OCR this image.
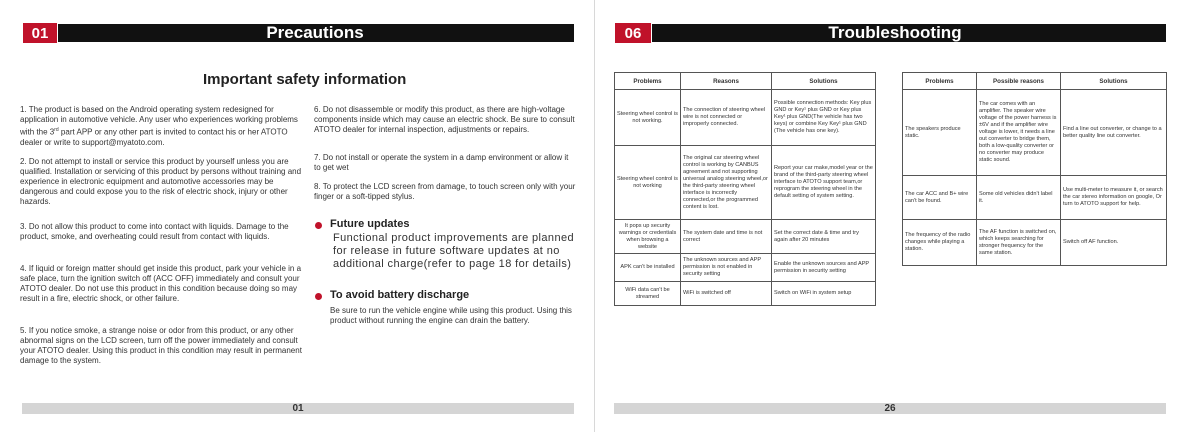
01	Precautions
Important safety information
1. The product is based on the Android operating system redesigned for application in automotive vehicle. Any user who experiences working problems with the 3rd part APP or any other part is invited to contact his or her ATOTO dealer or write to support@myatoto.com.
2. Do not attempt to install or service this product by yourself unless you are qualified. Installation or servicing of this product by persons without training and experience in electronic equipment and automotive accessories may be dangerous and could expose you to the risk of electric shock, injury or other hazards.
3. Do not allow this product to come into contact with liquids. Damage to the product, smoke, and overheating could result from contact with liquids.
4. If liquid or foreign matter should get inside this product, park your vehicle in a safe place, turn the ignition switch off (ACC OFF) immediately and consult your ATOTO dealer. Do not use this product in this condition because doing so may result in a fire, electric shock, or other failure.
5. If you notice smoke, a strange noise or odor from this product, or any other abnormal signs on the LCD screen, turn off the power immediately and consult your ATOTO dealer. Using this product in this condition may result in permanent damage to the system.
6. Do not disassemble or modify this product, as there are high-voltage components inside which may cause an electric shock. Be sure to consult ATOTO dealer for internal inspection, adjustments or repairs.
7. Do not install or operate the system in a damp environment or allow it to get wet
8. To protect the LCD screen from damage, to touch screen only with your finger or a soft-tipped stylus.
Future updates
Functional product improvements are planned for release in future software updates at no additional charge(refer to page 18 for details)
To avoid battery discharge
Be sure to run the vehicle engine while using this product. Using this product without running the engine can drain the battery.
01
06	Troubleshooting
Problems	Reasons	Solutions
Steering wheel control is not working.	The connection of steering wheel wire is not connected or improperly connected.	Possible connection methods: Key plus GND or Key¹ plus GND or Key plus Key¹ plus GND(The vehicle has two keys) or combine Key Key¹ plus GND (The vehicle has one key).
Steering wheel control is not working	The original car steering wheel control is working by CANBUS agreement and not supporting universal analog steering wheel,or the third-party steering wheel interface is incorrectly connected,or the programmed content is lost.	Report your car make,model year or the brand of the third-party steering wheel interface to ATOTO support team,or reprogram the steering wheel in the default setting of system setting.
It pops up security warnings or credentials when browsing a website	The system date and time is not correct	Set the correct date & time and try again after 20 minutes
APK can't be installed	The unknown sources and APP permission is not enabled in security setting	Enable the unknown sources and APP permission in security setting
WiFi data can't be streamed	WiFi is switched off	Switch on WiFi in system setup
Problems	Possible reasons	Solutions
The speakers produce static.	The car comes with an amplifier. The speaker wire voltage of the power harness is ±6V and if the amplifier wire voltage is lower, it needs a line out converter to bridge them, both a low-quality converter or no converter may produce static sound.	Find a line out converter, or change to a better quality line out converter.
The car ACC and B+ wire can't be found.	Some old vehicles didn't label it.	Use multi-meter to measure it, or search the car stereo information on google, Or turn to ATOTO support for help.
The frequency of the radio changes while playing a station.	The AF function is switched on, which keeps searching for stronger frequency for the same station.	Switch off AF function.
26
